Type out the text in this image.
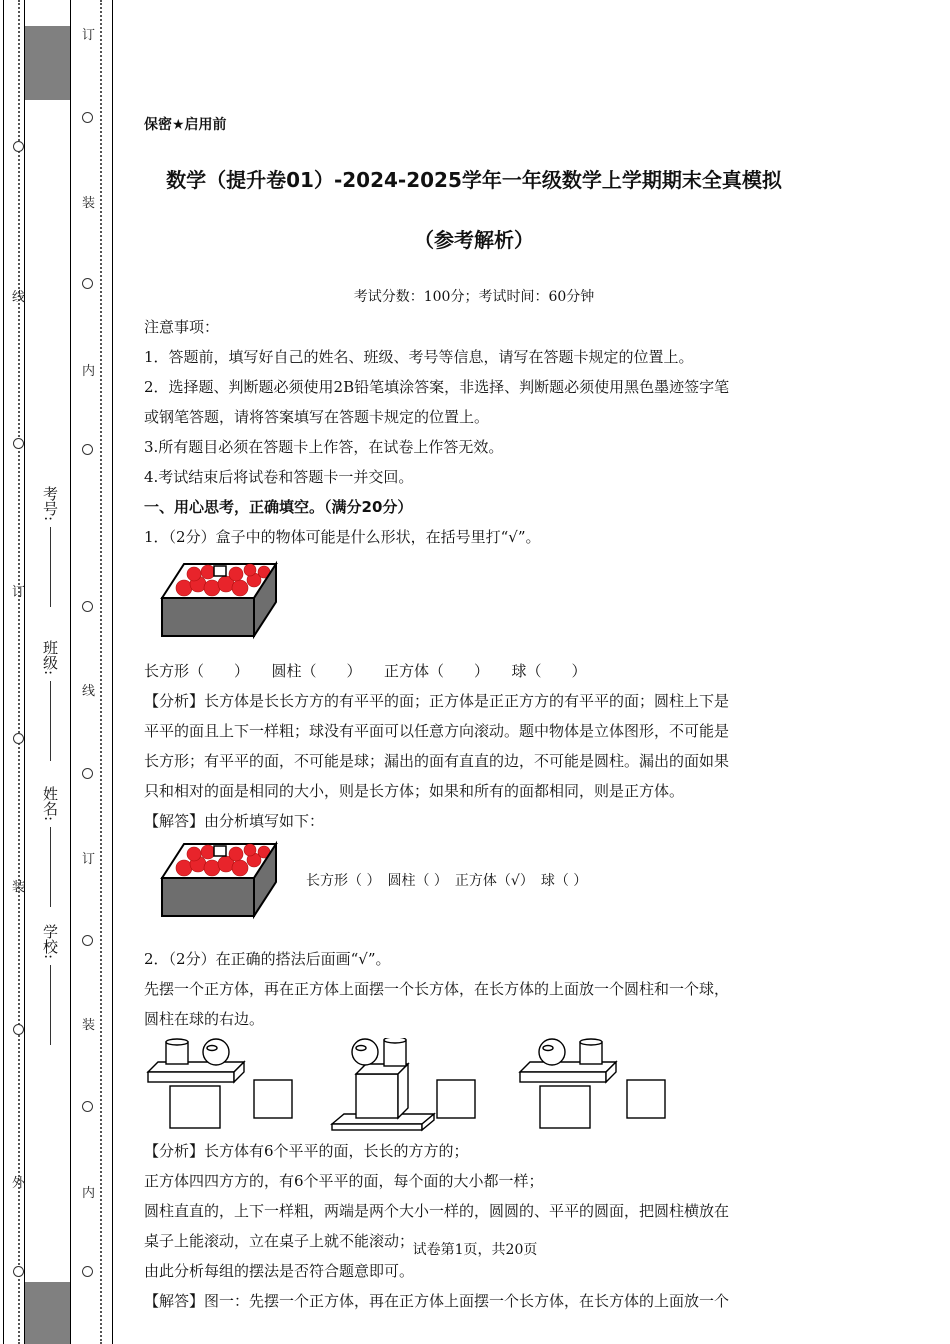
线
订
装
外
订
装
内
线
订
装
内
考号:
班级:
姓名:
学校:

保密★启用前

数学（提升卷01）-2024-2025学年一年级数学上学期期末全真模拟

（参考解析）

考试分数：100分；考试时间：60分钟

注意事项：

1．答题前，填写好自己的姓名、班级、考号等信息，请写在答题卡规定的位置上。

2．选择题、判断题必须使用2B铅笔填涂答案，非选择、判断题必须使用黑色墨迹签字笔

或钢笔答题，请将答案填写在答题卡规定的位置上。

3.所有题目必须在答题卡上作答，在试卷上作答无效。

4.考试结束后将试卷和答题卡一并交回。

一、用心思考，正确填空。（满分20分）

1．（2分）盒子中的物体可能是什么形状，在括号里打“√”。

长方形（　　）　　圆柱（　　）　　正方体（　　）　　球（　　）

【分析】长方体是长长方方的有平平的面；正方体是正正方方的有平平的面；圆柱上下是

平平的面且上下一样粗；球没有平面可以任意方向滚动。题中物体是立体图形，不可能是

长方形；有平平的面，不可能是球；漏出的面有直直的边，不可能是圆柱。漏出的面如果

只和相对的面是相同的大小，则是长方体；如果和所有的面都相同，则是正方体。

【解答】由分析填写如下：

长方形（ ）　圆柱（ ）　正方体（√）　球（ ）

2．（2分）在正确的搭法后面画“√”。

先摆一个正方体，再在正方体上面摆一个长方体，在长方体的上面放一个圆柱和一个球，

圆柱在球的右边。

【分析】长方体有6个平平的面，长长的方方的；

正方体四四方方的，有6个平平的面，每个面的大小都一样；

圆柱直直的，上下一样粗，两端是两个大小一样的，圆圆的、平平的圆面，把圆柱横放在

桌子上能滚动，立在桌子上就不能滚动；

由此分析每组的摆法是否符合题意即可。

【解答】图一：先摆一个正方体，再在正方体上面摆一个长方体，在长方体的上面放一个

试卷第1页，共20页
